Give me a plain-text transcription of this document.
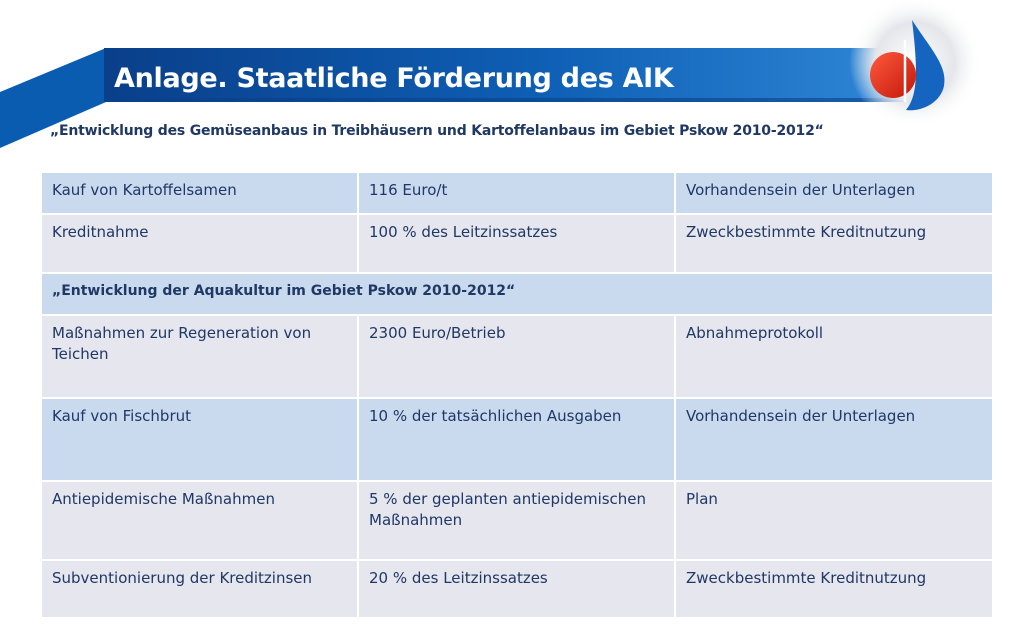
Anlage. Staatliche Förderung des AIK
„Entwicklung des Gemüseanbaus in Treibhäusern und Kartoffelanbaus im Gebiet Pskow 2010-2012“
Kauf von Kartoffelsamen	116 Euro/t	Vorhandensein der Unterlagen
Kreditnahme	100 % des Leitzinssatzes	Zweckbestimmte Kreditnutzung
„Entwicklung der Aquakultur im Gebiet Pskow 2010-2012“		
Maßnahmen zur Regeneration von Teichen	2300 Euro/Betrieb	Abnahmeprotokoll
Kauf von Fischbrut	10 % der tatsächlichen Ausgaben	Vorhandensein der Unterlagen
Antiepidemische Maßnahmen	5 % der geplanten antiepidemischen Maßnahmen	Plan
Subventionierung der Kreditzinsen	20 % des Leitzinssatzes	Zweckbestimmte Kreditnutzung
